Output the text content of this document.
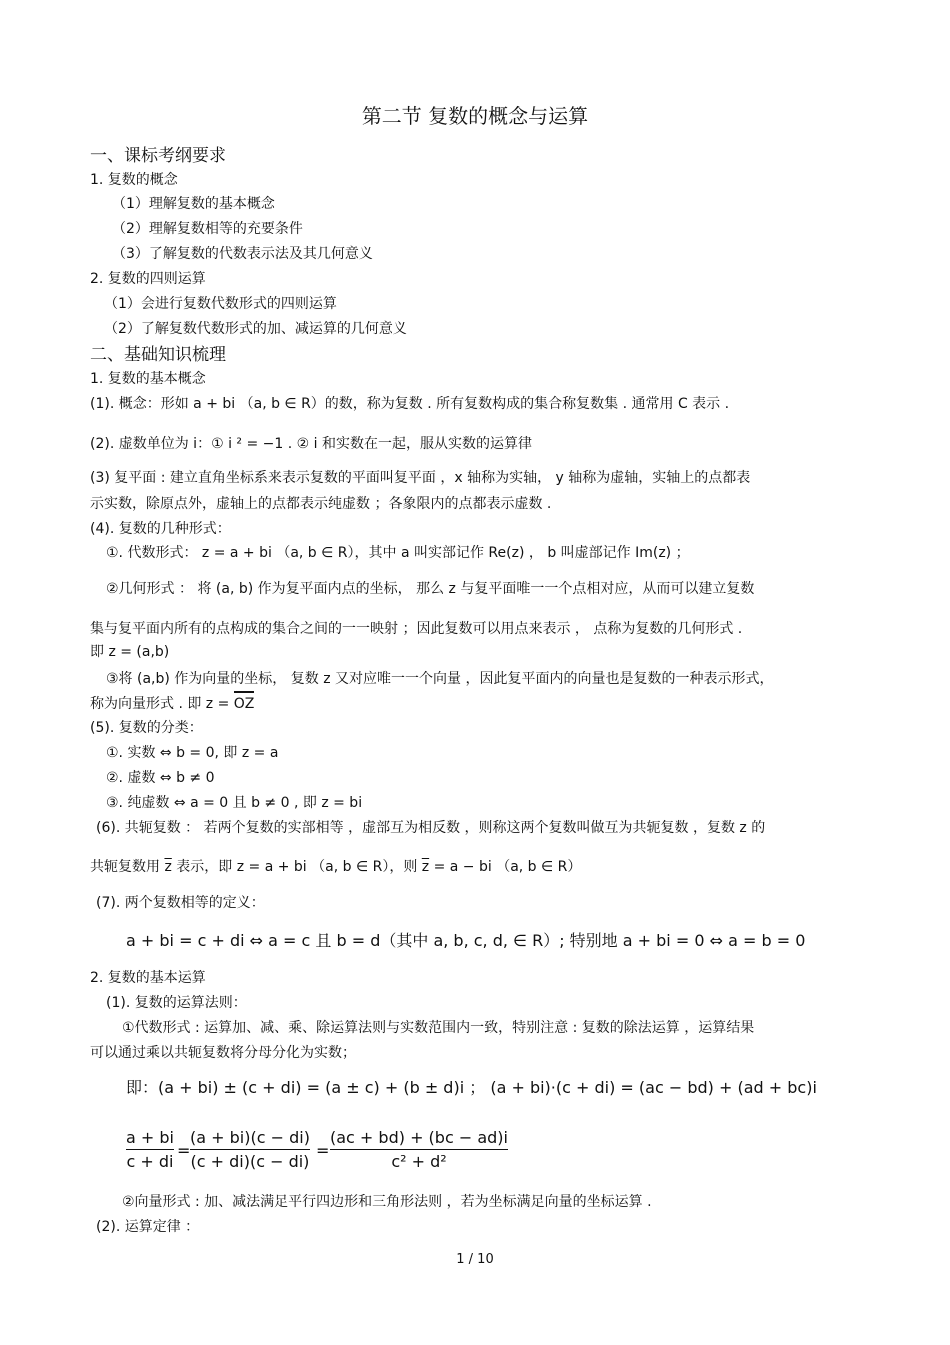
第二节 复数的概念与运算
一、课标考纲要求
1. 复数的概念
（1）理解复数的基本概念
（2）理解复数相等的充要条件
（3）了解复数的代数表示法及其几何意义
2. 复数的四则运算
（1）会进行复数代数形式的四则运算
（2）了解复数代数形式的加、减运算的几何意义
二、基础知识梳理
1. 复数的基本概念
(1). 概念：形如 a + bi （a, b ∈ R）的数，称为复数 . 所有复数构成的集合称复数集 . 通常用 C 表示 .
(2). 虚数单位为 i：① i ² = −1 . ② i 和实数在一起，服从实数的运算律
(3) 复平面 : 建立直角坐标系来表示复数的平面叫复平面 ，x 轴称为实轴， y 轴称为虚轴，实轴上的点都表
示实数，除原点外，虚轴上的点都表示纯虚数 ；各象限内的点都表示虚数 .
(4). 复数的几种形式：
①. 代数形式： z = a + bi （a, b ∈ R），其中 a 叫实部记作 Re(z) ， b 叫虚部记作 Im(z) ；
②几何形式 ： 将 (a, b) 作为复平面内点的坐标， 那么 z 与复平面唯一一个点相对应，从而可以建立复数
集与复平面内所有的点构成的集合之间的一一映射 ；因此复数可以用点来表示 ， 点称为复数的几何形式 .
即 z = (a,b)
③将 (a,b) 作为向量的坐标， 复数 z 又对应唯一一个向量 ，因此复平面内的向量也是复数的一种表示形式，
称为向量形式 . 即 z =
OZ
(5). 复数的分类：
①. 实数 ⇔ b = 0, 即 z = a
②. 虚数 ⇔ b ≠ 0
③. 纯虚数 ⇔ a = 0 且 b ≠ 0 , 即 z = bi
(6). 共轭复数 ： 若两个复数的实部相等 ，虚部互为相反数 ，则称这两个复数叫做互为共轭复数 ，复数 z 的
共轭复数用 $\overline{z}$ 表示，即 z = a + bi （a, b ∈ R），则 $\overline{z} = a$ − bi （a, b ∈ R）
(7). 两个复数相等的定义：
a + bi = c + di ⇔ a = c 且 b = d（其中 a, b, c, d, ∈ R）; 特别地 a + bi = 0 ⇔ a = b = 0
2. 复数的基本运算
(1). 复数的运算法则：
①代数形式 : 运算加、减、乘、除运算法则与实数范围内一致，特别注意 : 复数的除法运算 ，运算结果
可以通过乘以共轭复数将分母分化为实数；
即：(a + bi) ± (c + di) = (a ± c) + (b ± d)i ； (a + bi)·(c + di) = (ac − bd) + (ad + bc)i
a + bi
c + di
=
(a + bi)(c − di)
(c + di)(c − di)
=
(ac + bd) + (bc − ad)i
c² + d²
②向量形式 : 加、减法满足平行四边形和三角形法则 ，若为坐标满足向量的坐标运算 .
(2). 运算定律 ：
1 / 10
